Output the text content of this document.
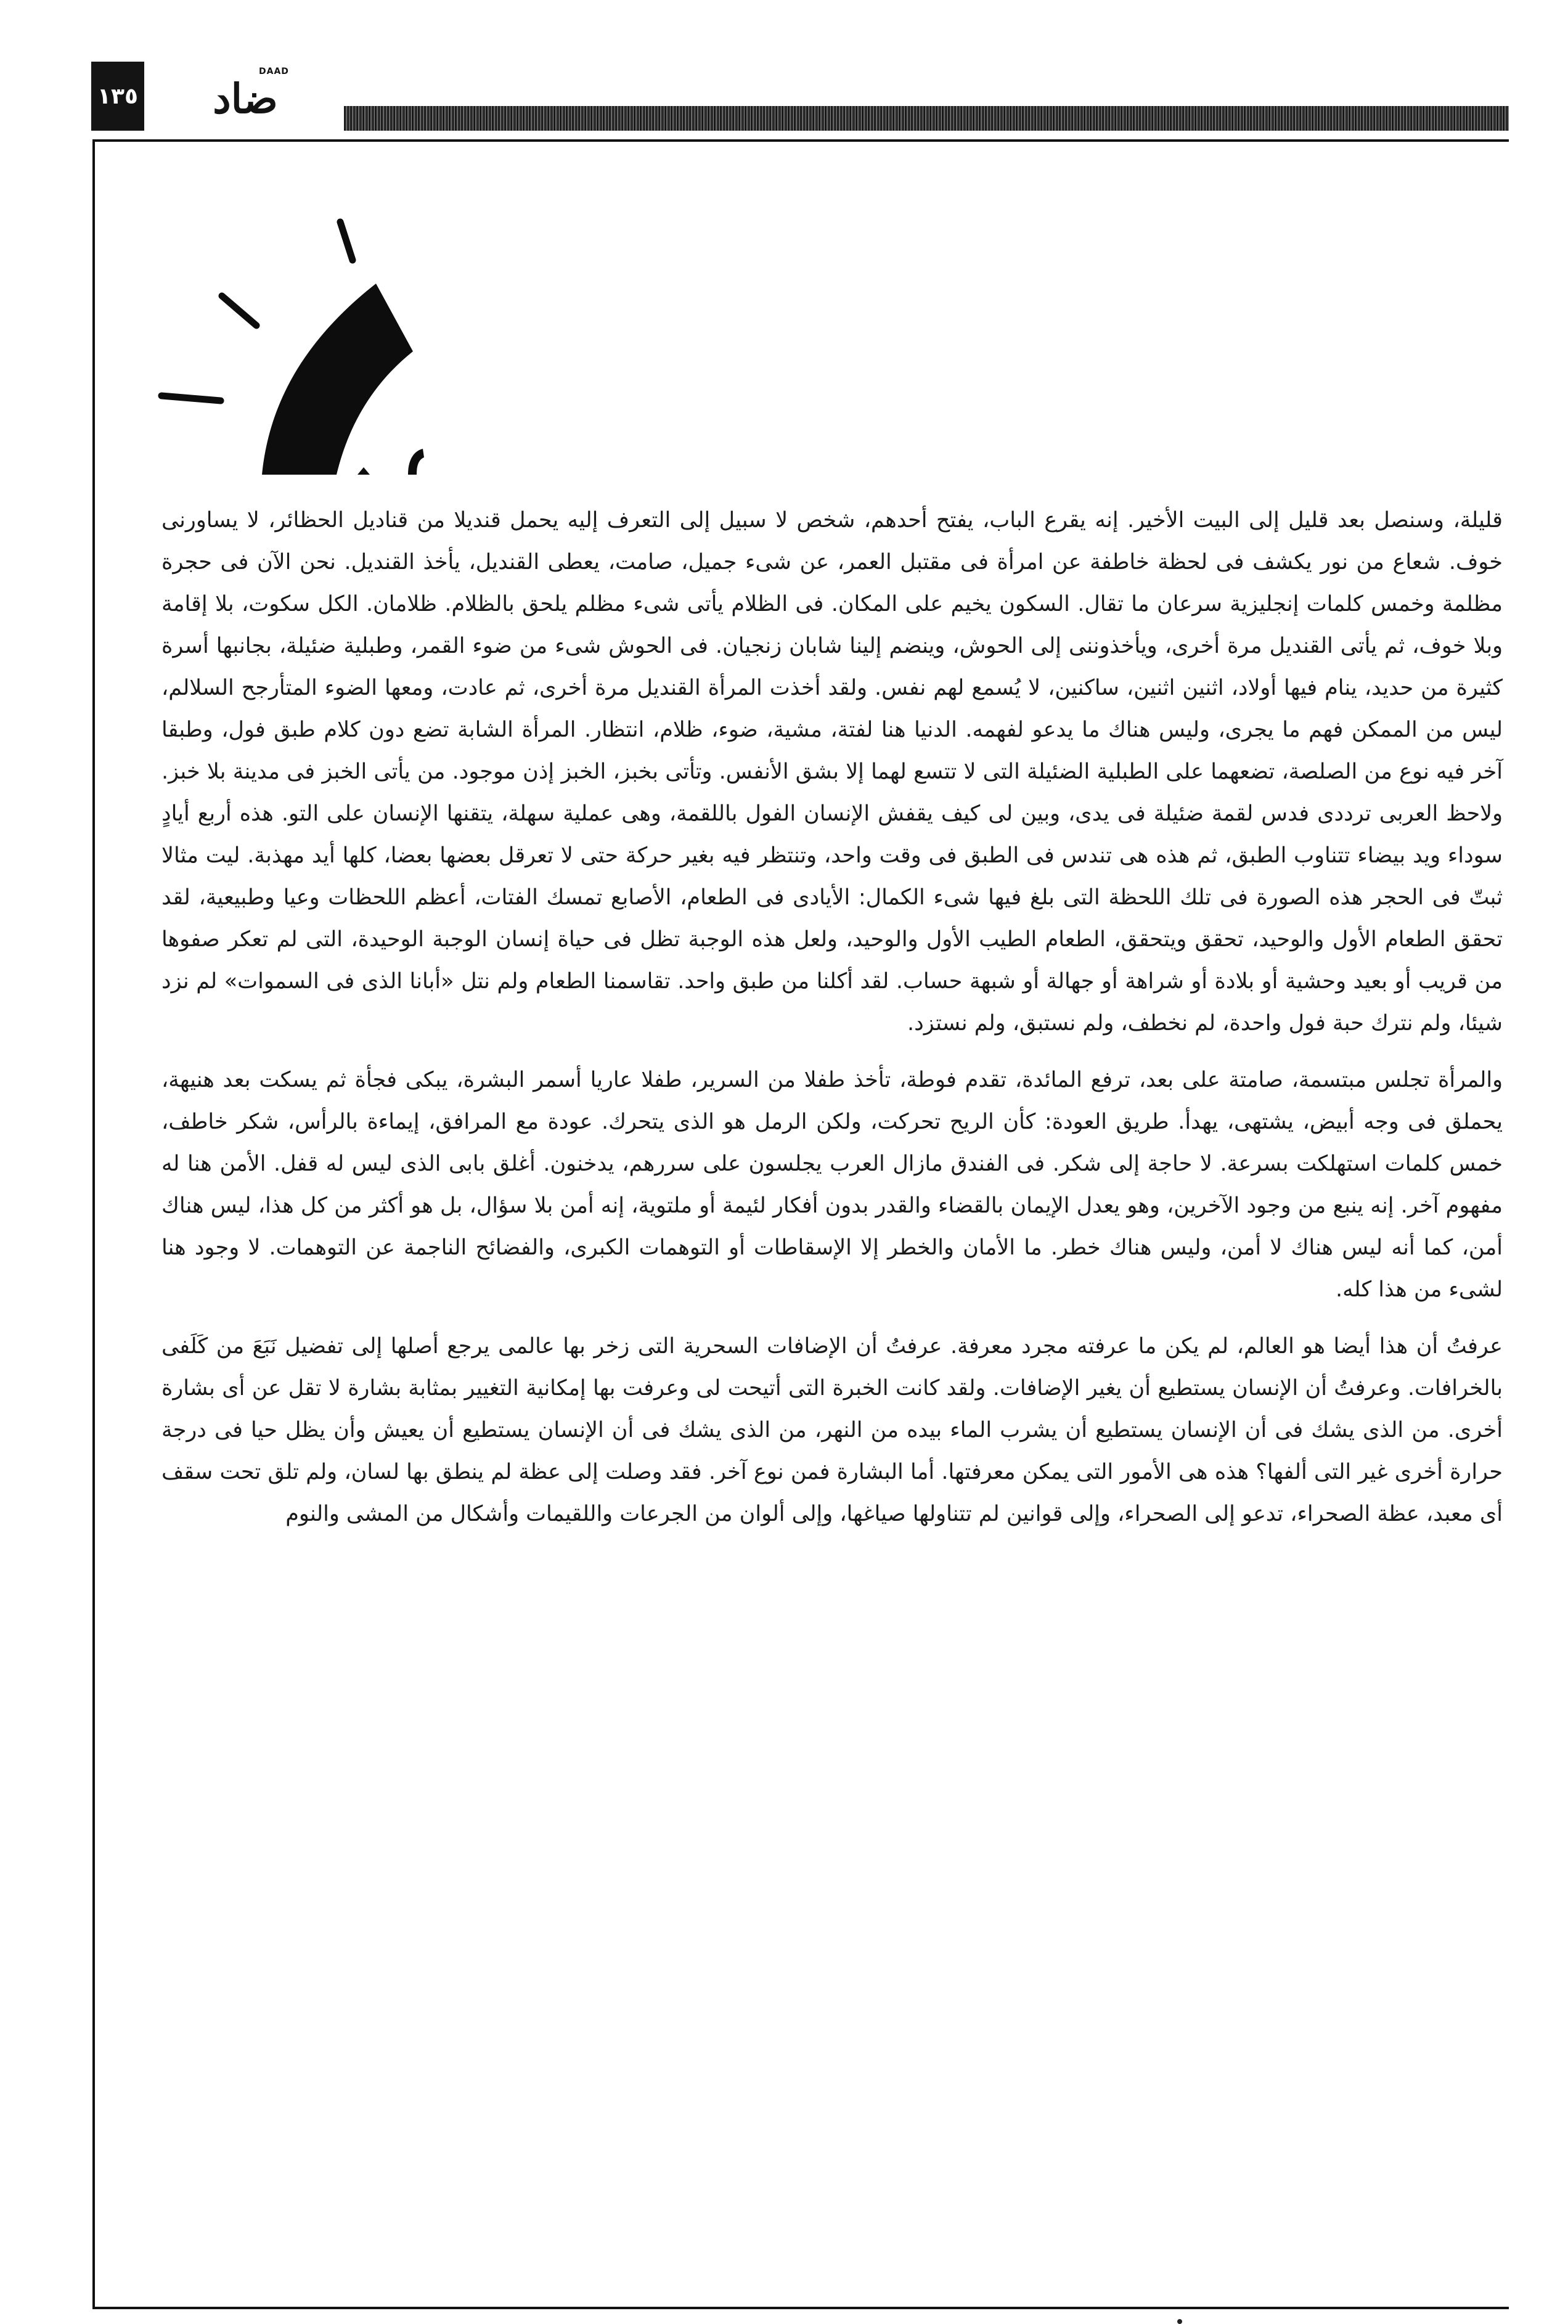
١٣٥	ضاد
DAAD

قليلة، وسنصل بعد قليل إلى البيت الأخير. إنه يقرع الباب، يفتح أحدهم، شخص لا سبيل إلى التعرف إليه يحمل قنديلا من قناديل الحظائر، لا يساورنى خوف. شعاع من نور يكشف فى لحظة خاطفة عن امرأة فى مقتبل العمر، عن شىء جميل، صامت، يعطى القنديل، يأخذ القنديل. نحن الآن فى حجرة مظلمة وخمس كلمات إنجليزية سرعان ما تقال. السكون يخيم على المكان. فى الظلام يأتى شىء مظلم يلحق بالظلام. ظلامان. الكل سكوت، بلا إقامة وبلا خوف، ثم يأتى القنديل مرة أخرى، ويأخذوننى إلى الحوش، وينضم إلينا شابان زنجيان. فى الحوش شىء من ضوء القمر، وطبلية ضئيلة، بجانبها أسرة كثيرة من حديد، ينام فيها أولاد، اثنين اثنين، ساكنين، لا يُسمع لهم نفس. ولقد أخذت المرأة القنديل مرة أخرى، ثم عادت، ومعها الضوء المتأرجح السلالم، ليس من الممكن فهم ما يجرى، وليس هناك ما يدعو لفهمه. الدنيا هنا لفتة، مشية، ضوء، ظلام، انتظار. المرأة الشابة تضع دون كلام طبق فول، وطبقا آخر فيه نوع من الصلصة، تضعهما على الطبلية الضئيلة التى لا تتسع لهما إلا بشق الأنفس. وتأتى بخبز، الخبز إذن موجود. من يأتى الخبز فى مدينة بلا خبز. ولاحظ العربى ترددى فدس لقمة ضئيلة فى يدى، وبين لى كيف يقفش الإنسان الفول باللقمة، وهى عملية سهلة، يتقنها الإنسان على التو. هذه أربع أيادٍ سوداء ويد بيضاء تتناوب الطبق، ثم هذه هى تندس فى الطبق فى وقت واحد، وتنتظر فيه بغير حركة حتى لا تعرقل بعضها بعضا، كلها أيد مهذبة. ليت مثالا ثبتّ فى الحجر هذه الصورة فى تلك اللحظة التى بلغ فيها شىء الكمال: الأيادى فى الطعام، الأصابع تمسك الفتات، أعظم اللحظات وعيا وطبيعية، لقد تحقق الطعام الأول والوحيد، تحقق ويتحقق، الطعام الطيب الأول والوحيد، ولعل هذه الوجبة تظل فى حياة إنسان الوجبة الوحيدة، التى لم تعكر صفوها من قريب أو بعيد وحشية أو بلادة أو شراهة أو جهالة أو شبهة حساب. لقد أكلنا من طبق واحد. تقاسمنا الطعام ولم نتل «أبانا الذى فى السموات» لم نزد شيئا، ولم نترك حبة فول واحدة، لم نخطف، ولم نستبق، ولم نستزد.

والمرأة تجلس مبتسمة، صامتة على بعد، ترفع المائدة، تقدم فوطة، تأخذ طفلا من السرير، طفلا عاريا أسمر البشرة، يبكى فجأة ثم يسكت بعد هنيهة، يحملق فى وجه أبيض، يشتهى، يهدأ. طريق العودة: كأن الريح تحركت، ولكن الرمل هو الذى يتحرك. عودة مع المرافق، إيماءة بالرأس، شكر خاطف، خمس كلمات استهلكت بسرعة. لا حاجة إلى شكر. فى الفندق مازال العرب يجلسون على سررهم، يدخنون. أغلق بابى الذى ليس له قفل. الأمن هنا له مفهوم آخر. إنه ينبع من وجود الآخرين، وهو يعدل الإيمان بالقضاء والقدر بدون أفكار لئيمة أو ملتوية، إنه أمن بلا سؤال، بل هو أكثر من كل هذا، ليس هناك أمن، كما أنه ليس هناك لا أمن، وليس هناك خطر. ما الأمان والخطر إلا الإسقاطات أو التوهمات الكبرى، والفضائح الناجمة عن التوهمات. لا وجود هنا لشىء من هذا كله.

عرفتُ أن هذا أيضا هو العالم، لم يكن ما عرفته مجرد معرفة. عرفتُ أن الإضافات السحرية التى زخر بها عالمى يرجع أصلها إلى تفضيل نَبَعَ من كَلَفى بالخرافات. وعرفتُ أن الإنسان يستطيع أن يغير الإضافات. ولقد كانت الخبرة التى أتيحت لى وعرفت بها إمكانية التغيير بمثابة بشارة لا تقل عن أى بشارة أخرى. من الذى يشك فى أن الإنسان يستطيع أن يشرب الماء بيده من النهر، من الذى يشك فى أن الإنسان يستطيع أن يعيش وأن يظل حيا فى درجة حرارة أخرى غير التى ألفها؟ هذه هى الأمور التى يمكن معرفتها. أما البشارة فمن نوع آخر. فقد وصلت إلى عظة لم ينطق بها لسان، ولم تلق تحت سقف أى معبد، عظة الصحراء، تدعو إلى الصحراء، وإلى قوانين لم تتناولها صياغها، وإلى ألوان من الجرعات واللقيمات وأشكال من المشى والنوم
